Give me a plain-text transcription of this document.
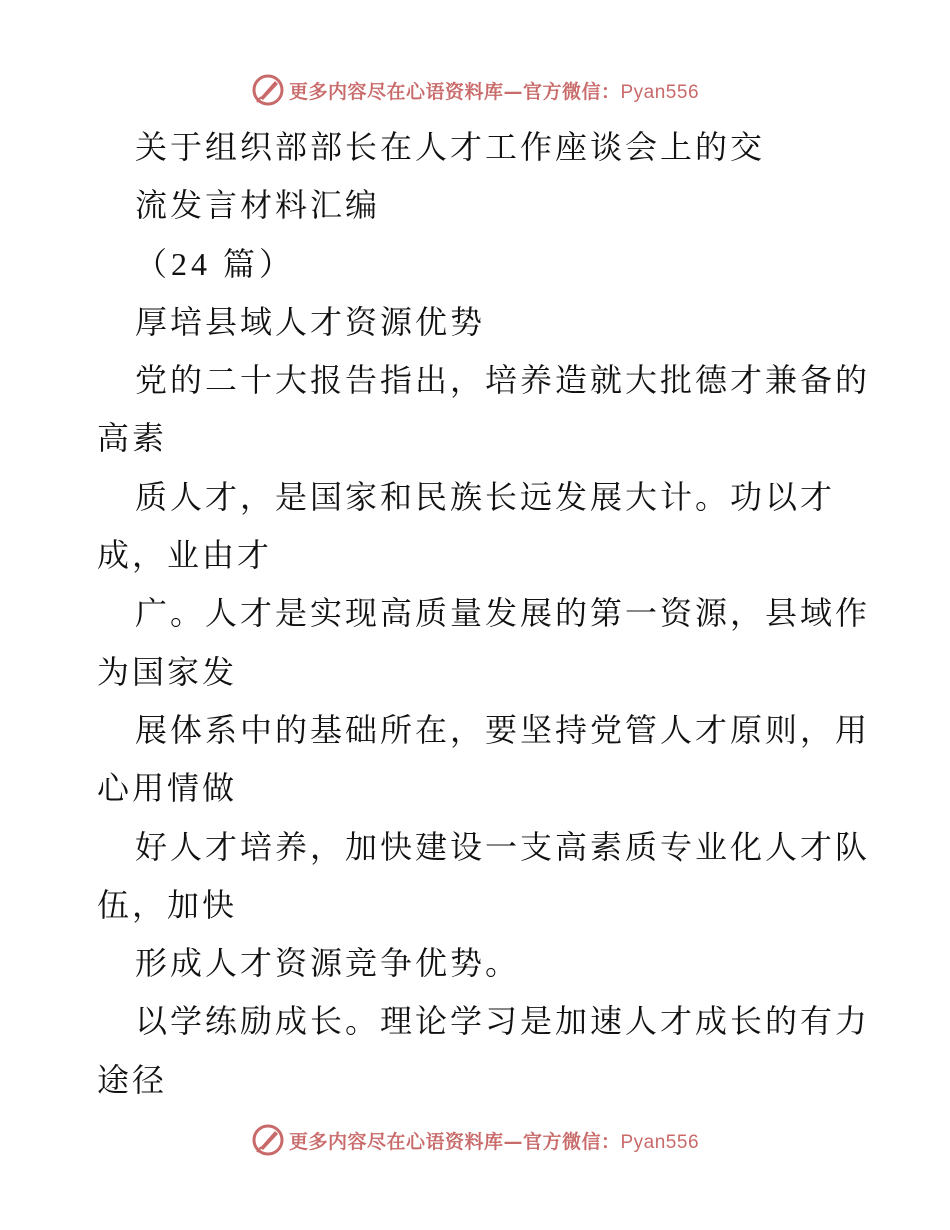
更多内容尽在心语资料库—官方微信：Pyan556
关于组织部部长在人才工作座谈会上的交
流发言材料汇编
（24 篇）
厚培县域人才资源优势
党的二十大报告指出，培养造就大批德才兼备的
高素
质人才，是国家和民族长远发展大计。功以才
成，业由才
广。人才是实现高质量发展的第一资源，县域作
为国家发
展体系中的基础所在，要坚持党管人才原则，用
心用情做
好人才培养，加快建设一支高素质专业化人才队
伍，加快
形成人才资源竞争优势。
以学练励成长。理论学习是加速人才成长的有力
途径
更多内容尽在心语资料库—官方微信：Pyan556
